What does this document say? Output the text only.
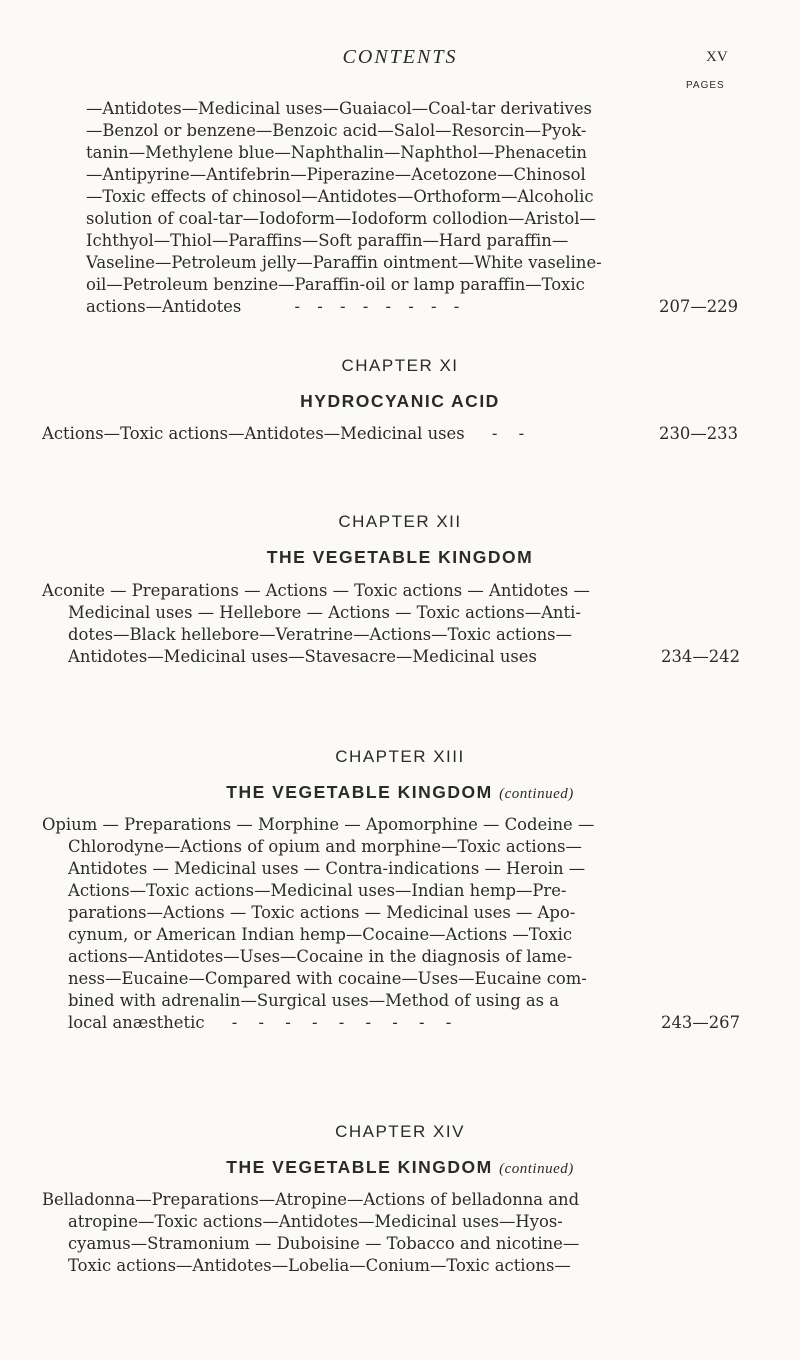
CONTENTS	XV
PAGES
—Antidotes—Medicinal uses—Guaiacol—Coal-tar derivatives
—Benzol or benzene—Benzoic acid—Salol—Resorcin—Pyok-
tanin—Methylene blue—Naphthalin—Naphthol—Phenacetin
—Antipyrine—Antifebrin—Piperazine—Acetozone—Chinosol
—Toxic effects of chinosol—Antidotes—Orthoform—Alcoholic
solution of coal-tar—Iodoform—Iodoform collodion—Aristol—
Ichthyol—Thiol—Paraffins—Soft paraffin—Hard paraffin—
Vaseline—Petroleum jelly—Paraffin ointment—White vaseline-
oil—Petroleum benzine—Paraffin-oil or lamp paraffin—Toxic
actions—Antidotes	- - - - - - - -	207—229
CHAPTER XI
HYDROCYANIC ACID
Actions—Toxic actions—Antidotes—Medicinal uses - -	230—233
CHAPTER XII
THE VEGETABLE KINGDOM
Aconite — Preparations — Actions — Toxic actions — Antidotes —
Medicinal uses — Hellebore — Actions — Toxic actions—Anti-
dotes—Black hellebore—Veratrine—Actions—Toxic actions—
Antidotes—Medicinal uses—Stavesacre—Medicinal uses	234—242
CHAPTER XIII
THE VEGETABLE KINGDOM (continued)
Opium — Preparations — Morphine — Apomorphine — Codeine —
Chlorodyne—Actions of opium and morphine—Toxic actions—
Antidotes — Medicinal uses — Contra-indications — Heroin —
Actions—Toxic actions—Medicinal uses—Indian hemp—Pre-
parations—Actions — Toxic actions — Medicinal uses — Apo-
cynum, or American Indian hemp—Cocaine—Actions —Toxic
actions—Antidotes—Uses—Cocaine in the diagnosis of lame-
ness—Eucaine—Compared with cocaine—Uses—Eucaine com-
bined with adrenalin—Surgical uses—Method of using as a
local anæsthetic - - - - - - - - -	243—267
CHAPTER XIV
THE VEGETABLE KINGDOM (continued)
Belladonna—Preparations—Atropine—Actions of belladonna and
atropine—Toxic actions—Antidotes—Medicinal uses—Hyos-
cyamus—Stramonium — Duboisine — Tobacco and nicotine—
Toxic actions—Antidotes—Lobelia—Conium—Toxic actions—
